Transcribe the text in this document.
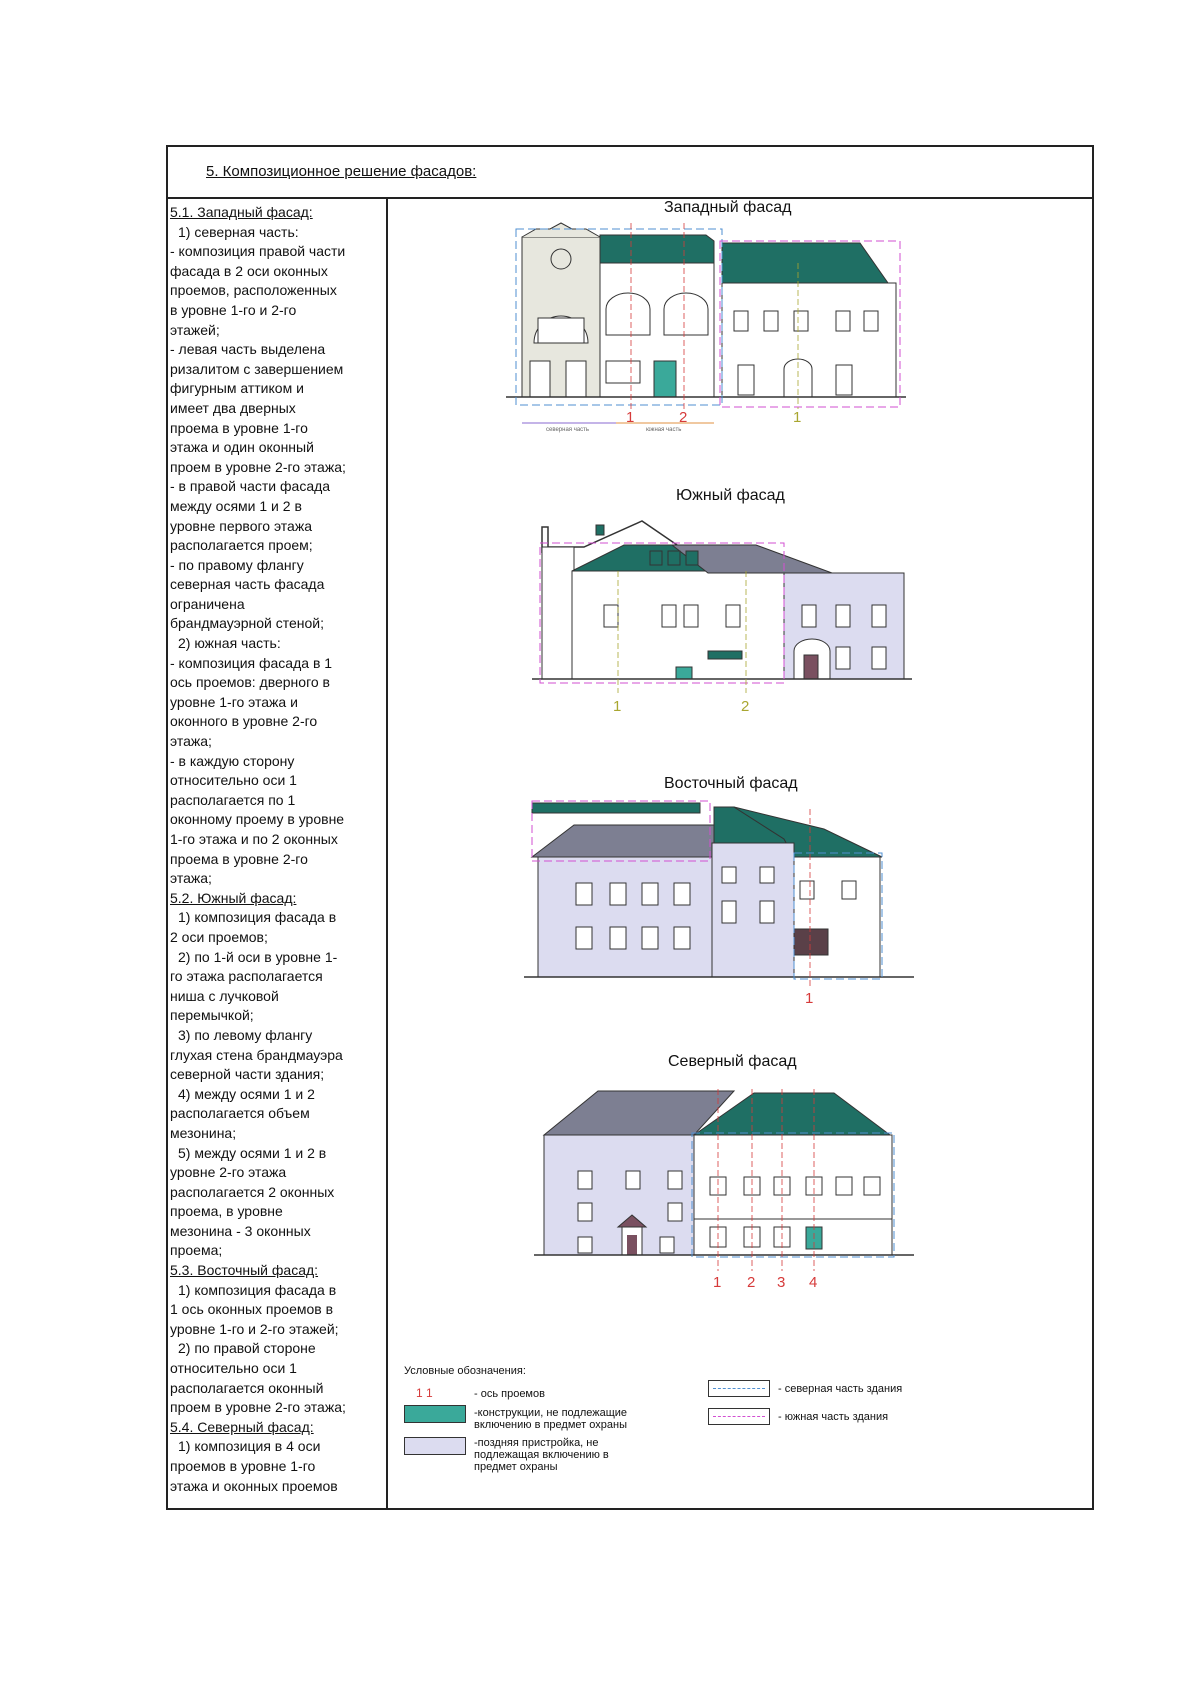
5. Композиционное решение фасадов:
5.1. Западный фасад:
1) северная часть:
- композиция правой части
фасада в 2 оси оконных
проемов, расположенных
в уровне 1-го и 2-го
этажей;
- левая часть выделена
ризалитом с завершением
фигурным аттиком и
имеет два дверных
проема в уровне 1-го
этажа и один оконный
проем в уровне 2-го этажа;
- в правой части фасада
между осями 1 и 2 в
уровне первого этажа
располагается проем;
- по правому флангу
северная часть фасада
ограничена
брандмауэрной стеной;
2) южная часть:
- композиция фасада в 1
ось проемов: дверного в
уровне 1-го этажа и
оконного в уровне 2-го
этажа;
- в каждую сторону
относительно оси 1
располагается по 1
оконному проему в уровне
1-го этажа и по 2 оконных
проема в уровне 2-го
этажа;
5.2. Южный фасад:
1) композиция фасада в
2 оси проемов;
2) по 1-й оси в уровне 1-
го этажа располагается
ниша с лучковой
перемычкой;
3) по левому флангу
глухая стена брандмауэра
северной части здания;
4) между осями 1 и 2
располагается объем
мезонина;
5) между осями 1 и 2 в
уровне 2-го этажа
располагается 2 оконных
проема, в уровне
мезонина - 3 оконных
проема;
5.3. Восточный фасад:
1) композиция фасада в
1 ось оконных проемов в
уровне 1-го и 2-го этажей;
2) по правой стороне
относительно оси 1
располагается оконный
проем в уровне 2-го этажа;
5.4. Северный фасад:
1) композиция в 4 оси
проемов в уровне 1-го
этажа и оконных проемов
Западный фасад
северная часть	южная часть
1	2	1
Южный фасад
1	2
Восточный фасад
1
Северный фасад
1 2 3 4
Условные обозначения:
1 1	- ось проемов
-конструкции, не подлежащие включению в предмет охраны
-поздняя пристройка, не подлежащая включению в предмет охраны
- северная часть здания
- южная часть здания
